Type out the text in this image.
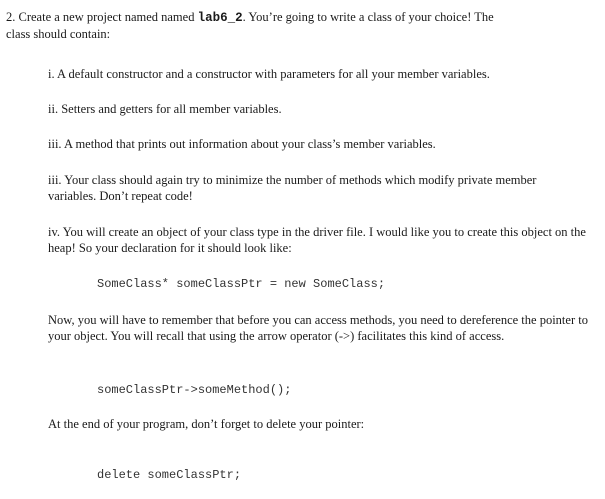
2. Create a new project named named lab6_2. You’re going to write a class of your choice! The
class should contain:

i. A default constructor and a constructor with parameters for all your member variables.

ii. Setters and getters for all member variables.

iii. A method that prints out information about your class’s member variables.

iii. Your class should again try to minimize the number of methods which modify private member variables. Don’t repeat code!

iv. You will create an object of your class type in the driver file. I would like you to create this object on the heap! So your declaration for it should look like:

SomeClass* someClassPtr = new SomeClass;

Now, you will have to remember that before you can access methods, you need to dereference the pointer to your object. You will recall that using the arrow operator (->) facilitates this kind of access.

someClassPtr->someMethod();

At the end of your program, don’t forget to delete your pointer:

delete someClassPtr;
